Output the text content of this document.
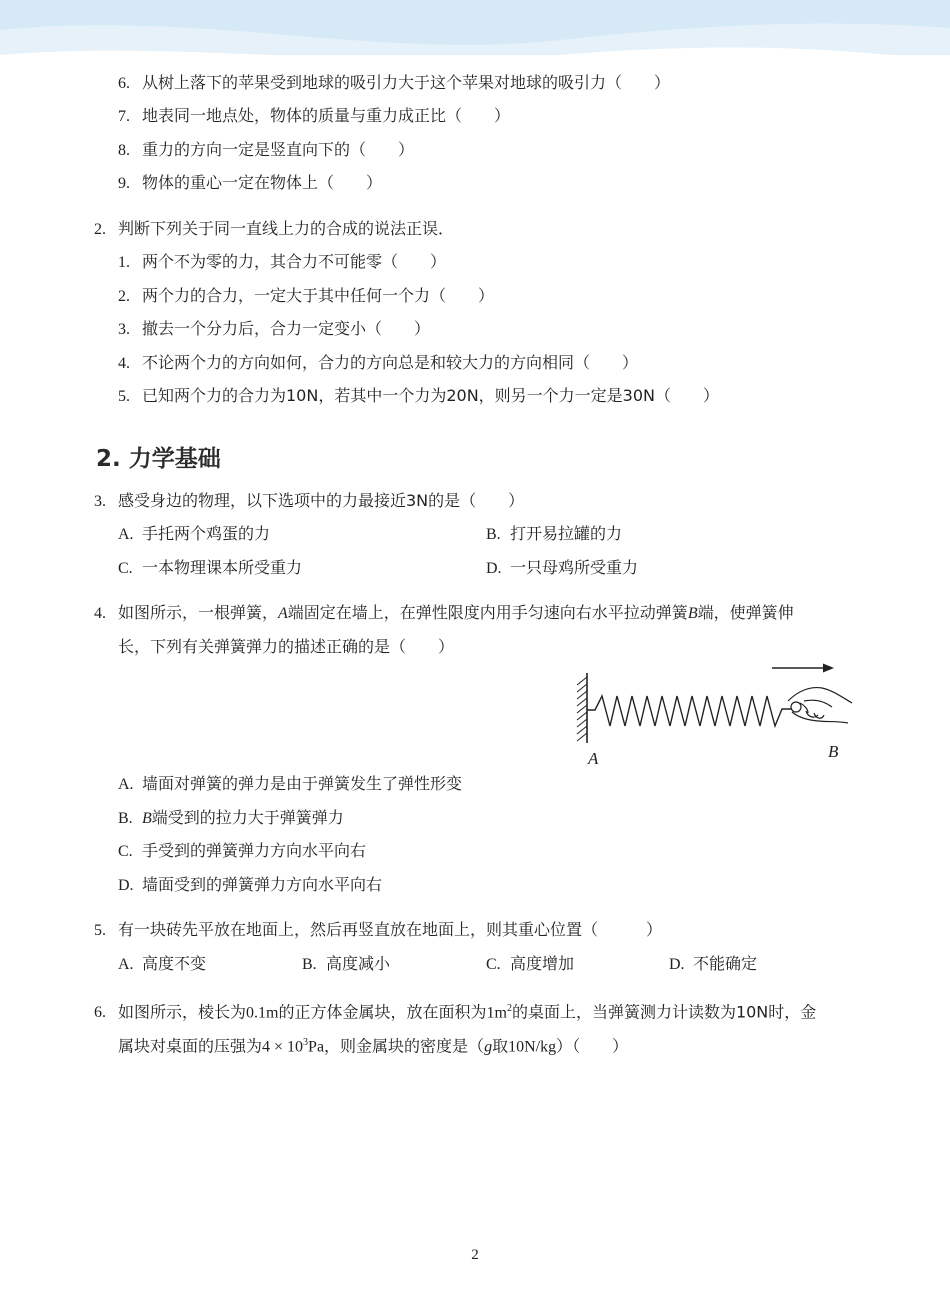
6. 从树上落下的苹果受到地球的吸引力大于这个苹果对地球的吸引力（　　）
7. 地表同一地点处，物体的质量与重力成正比（　　）
8. 重力的方向一定是竖直向下的（　　）
9. 物体的重心一定在物体上（　　）
2. 判断下列关于同一直线上力的合成的说法正误．
1. 两个不为零的力，其合力不可能零（　　）
2. 两个力的合力，一定大于其中任何一个力（　　）
3. 撤去一个分力后，合力一定变小（　　）
4. 不论两个力的方向如何，合力的方向总是和较大力的方向相同（　　）
5. 已知两个力的合力为10N，若其中一个力为20N，则另一个力一定是30N（　　）
2. 力学基础
3. 感受身边的物理，以下选项中的力最接近3N的是（　　）
A. 手托两个鸡蛋的力	B. 打开易拉罐的力
C. 一本物理课本所受重力	D. 一只母鸡所受重力
4. 如图所示，一根弹簧，A端固定在墙上，在弹性限度内用手匀速向右水平拉动弹簧B端，使弹簧伸
长，下列有关弹簧弹力的描述正确的是（　　）
A	B
A. 墙面对弹簧的弹力是由于弹簧发生了弹性形变
B. B端受到的拉力大于弹簧弹力
C. 手受到的弹簧弹力方向水平向右
D. 墙面受到的弹簧弹力方向水平向右
5. 有一块砖先平放在地面上，然后再竖直放在地面上，则其重心位置（　　　）
A. 高度不变	B. 高度减小	C. 高度增加	D. 不能确定
6. 如图所示，棱长为0.1m的正方体金属块，放在面积为$1m^2$的桌面上，当弹簧测力计读数为10N时，金
属块对桌面的压强为$4 \times 10^3Pa$，则金属块的密度是（g取10N/kg）（　　）
2
